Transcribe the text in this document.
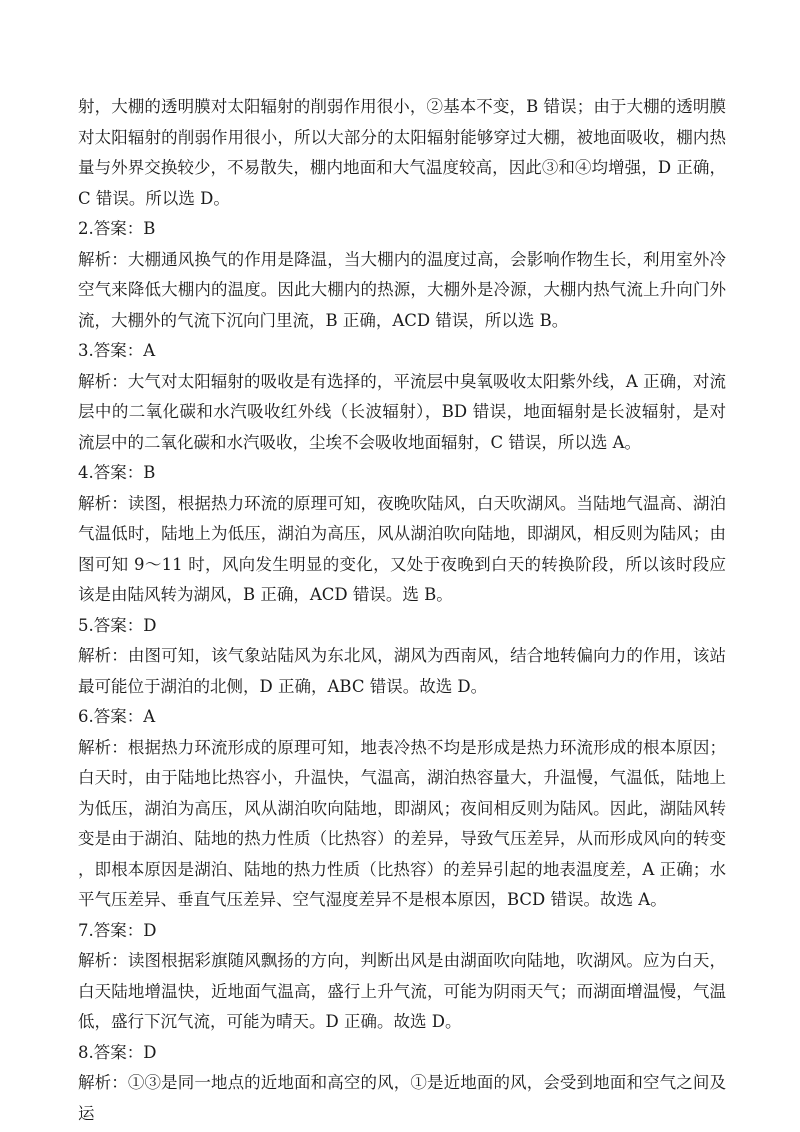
射，大棚的透明膜对太阳辐射的削弱作用很小，②基本不变，B 错误；由于大棚的透明膜对太阳辐射的削弱作用很小，所以大部分的太阳辐射能够穿过大棚，被地面吸收，棚内热量与外界交换较少，不易散失，棚内地面和大气温度较高，因此③和④均增强，D 正确，C 错误。所以选 D。

2.答案：B

解析：大棚通风换气的作用是降温，当大棚内的温度过高，会影响作物生长，利用室外冷空气来降低大棚内的温度。因此大棚内的热源，大棚外是冷源，大棚内热气流上升向门外流，大棚外的气流下沉向门里流，B 正确，ACD 错误，所以选 B。

3.答案：A

解析：大气对太阳辐射的吸收是有选择的，平流层中臭氧吸收太阳紫外线，A 正确，对流层中的二氧化碳和水汽吸收红外线（长波辐射），BD 错误，地面辐射是长波辐射，是对流层中的二氧化碳和水汽吸收，尘埃不会吸收地面辐射，C 错误，所以选 A。

4.答案：B

解析：读图，根据热力环流的原理可知，夜晚吹陆风，白天吹湖风。当陆地气温高、湖泊气温低时，陆地上为低压，湖泊为高压，风从湖泊吹向陆地，即湖风，相反则为陆风；由图可知 9～11 时，风向发生明显的变化，又处于夜晚到白天的转换阶段，所以该时段应该是由陆风转为湖风，B 正确，ACD 错误。选 B。

5.答案：D

解析：由图可知，该气象站陆风为东北风，湖风为西南风，结合地转偏向力的作用，该站最可能位于湖泊的北侧，D 正确，ABC 错误。故选 D。

6.答案：A

解析：根据热力环流形成的原理可知，地表冷热不均是形成是热力环流形成的根本原因；白天时，由于陆地比热容小，升温快，气温高，湖泊热容量大，升温慢，气温低，陆地上为低压，湖泊为高压，风从湖泊吹向陆地，即湖风；夜间相反则为陆风。因此，湖陆风转变是由于湖泊、陆地的热力性质（比热容）的差异，导致气压差异，从而形成风向的转变，即根本原因是湖泊、陆地的热力性质（比热容）的差异引起的地表温度差，A 正确；水平气压差异、垂直气压差异、空气湿度差异不是根本原因，BCD 错误。故选 A。

7.答案：D

解析：读图根据彩旗随风飘扬的方向，判断出风是由湖面吹向陆地，吹湖风。应为白天，白天陆地增温快，近地面气温高，盛行上升气流，可能为阴雨天气；而湖面增温慢，气温低，盛行下沉气流，可能为晴天。D 正确。故选 D。

8.答案：D

解析：①③是同一地点的近地面和高空的风，①是近地面的风，会受到地面和空气之间及运
